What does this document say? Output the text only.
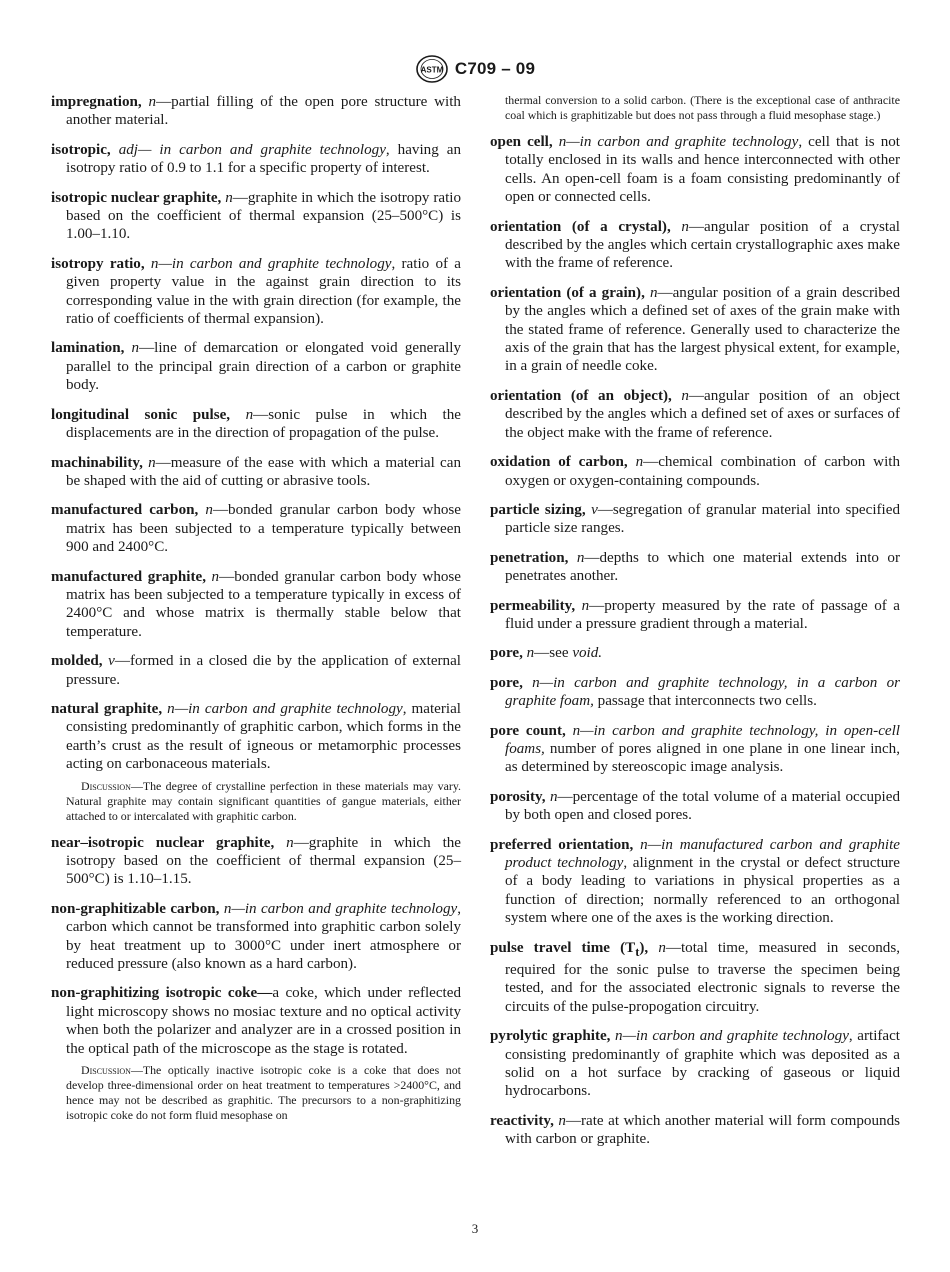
ASTM C709 – 09

impregnation, n—partial filling of the open pore structure with another material.

isotropic, adj— in carbon and graphite technology, having an isotropy ratio of 0.9 to 1.1 for a specific property of interest.

isotropic nuclear graphite, n—graphite in which the isotropy ratio based on the coefficient of thermal expansion (25–500°C) is 1.00–1.10.

isotropy ratio, n—in carbon and graphite technology, ratio of a given property value in the against grain direction to its corresponding value in the with grain direction (for example, the ratio of coefficients of thermal expansion).

lamination, n—line of demarcation or elongated void generally parallel to the principal grain direction of a carbon or graphite body.

longitudinal sonic pulse, n—sonic pulse in which the displacements are in the direction of propagation of the pulse.

machinability, n—measure of the ease with which a material can be shaped with the aid of cutting or abrasive tools.

manufactured carbon, n—bonded granular carbon body whose matrix has been subjected to a temperature typically between 900 and 2400°C.

manufactured graphite, n—bonded granular carbon body whose matrix has been subjected to a temperature typically in excess of 2400°C and whose matrix is thermally stable below that temperature.

molded, v—formed in a closed die by the application of external pressure.

natural graphite, n—in carbon and graphite technology, material consisting predominantly of graphitic carbon, which forms in the earth’s crust as the result of igneous or metamorphic processes acting on carbonaceous materials.

Discussion—The degree of crystalline perfection in these materials may vary. Natural graphite may contain significant quantities of gangue materials, either attached to or intercalated with graphitic carbon.

near–isotropic nuclear graphite, n—graphite in which the isotropy based on the coefficient of thermal expansion (25–500°C) is 1.10–1.15.

non-graphitizable carbon, n—in carbon and graphite technology, carbon which cannot be transformed into graphitic carbon solely by heat treatment up to 3000°C under inert atmosphere or reduced pressure (also known as a hard carbon).

non-graphitizing isotropic coke—a coke, which under reflected light microscopy shows no mosiac texture and no optical activity when both the polarizer and analyzer are in a crossed position in the optical path of the microscope as the stage is rotated.

Discussion—The optically inactive isotropic coke is a coke that does not develop three-dimensional order on heat treatment to temperatures >2400°C, and hence may not be described as graphitic. The precursors to a non-graphitizing isotropic coke do not form fluid mesophase on

thermal conversion to a solid carbon. (There is the exceptional case of anthracite coal which is graphitizable but does not pass through a fluid mesophase stage.)

open cell, n—in carbon and graphite technology, cell that is not totally enclosed in its walls and hence interconnected with other cells. An open-cell foam is a foam consisting predominantly of open or connected cells.

orientation (of a crystal), n—angular position of a crystal described by the angles which certain crystallographic axes make with the frame of reference.

orientation (of a grain), n—angular position of a grain described by the angles which a defined set of axes of the grain make with the stated frame of reference. Generally used to characterize the axis of the grain that has the largest physical extent, for example, in a grain of needle coke.

orientation (of an object), n—angular position of an object described by the angles which a defined set of axes or surfaces of the object make with the frame of reference.

oxidation of carbon, n—chemical combination of carbon with oxygen or oxygen-containing compounds.

particle sizing, v—segregation of granular material into specified particle size ranges.

penetration, n—depths to which one material extends into or penetrates another.

permeability, n—property measured by the rate of passage of a fluid under a pressure gradient through a material.

pore, n—see void.

pore, n—in carbon and graphite technology, in a carbon or graphite foam, passage that interconnects two cells.

pore count, n—in carbon and graphite technology, in open-cell foams, number of pores aligned in one plane in one linear inch, as determined by stereoscopic image analysis.

porosity, n—percentage of the total volume of a material occupied by both open and closed pores.

preferred orientation, n—in manufactured carbon and graphite product technology, alignment in the crystal or defect structure of a body leading to variations in physical properties as a function of direction; normally referenced to an orthogonal system where one of the axes is the working direction.

pulse travel time $(T_t)$, n—total time, measured in seconds, required for the sonic pulse to traverse the specimen being tested, and for the associated electronic signals to reverse the circuits of the pulse-propogation circuitry.

pyrolytic graphite, n—in carbon and graphite technology, artifact consisting predominantly of graphite which was deposited as a solid on a hot surface by cracking of gaseous or liquid hydrocarbons.

reactivity, n—rate at which another material will form compounds with carbon or graphite.

3
